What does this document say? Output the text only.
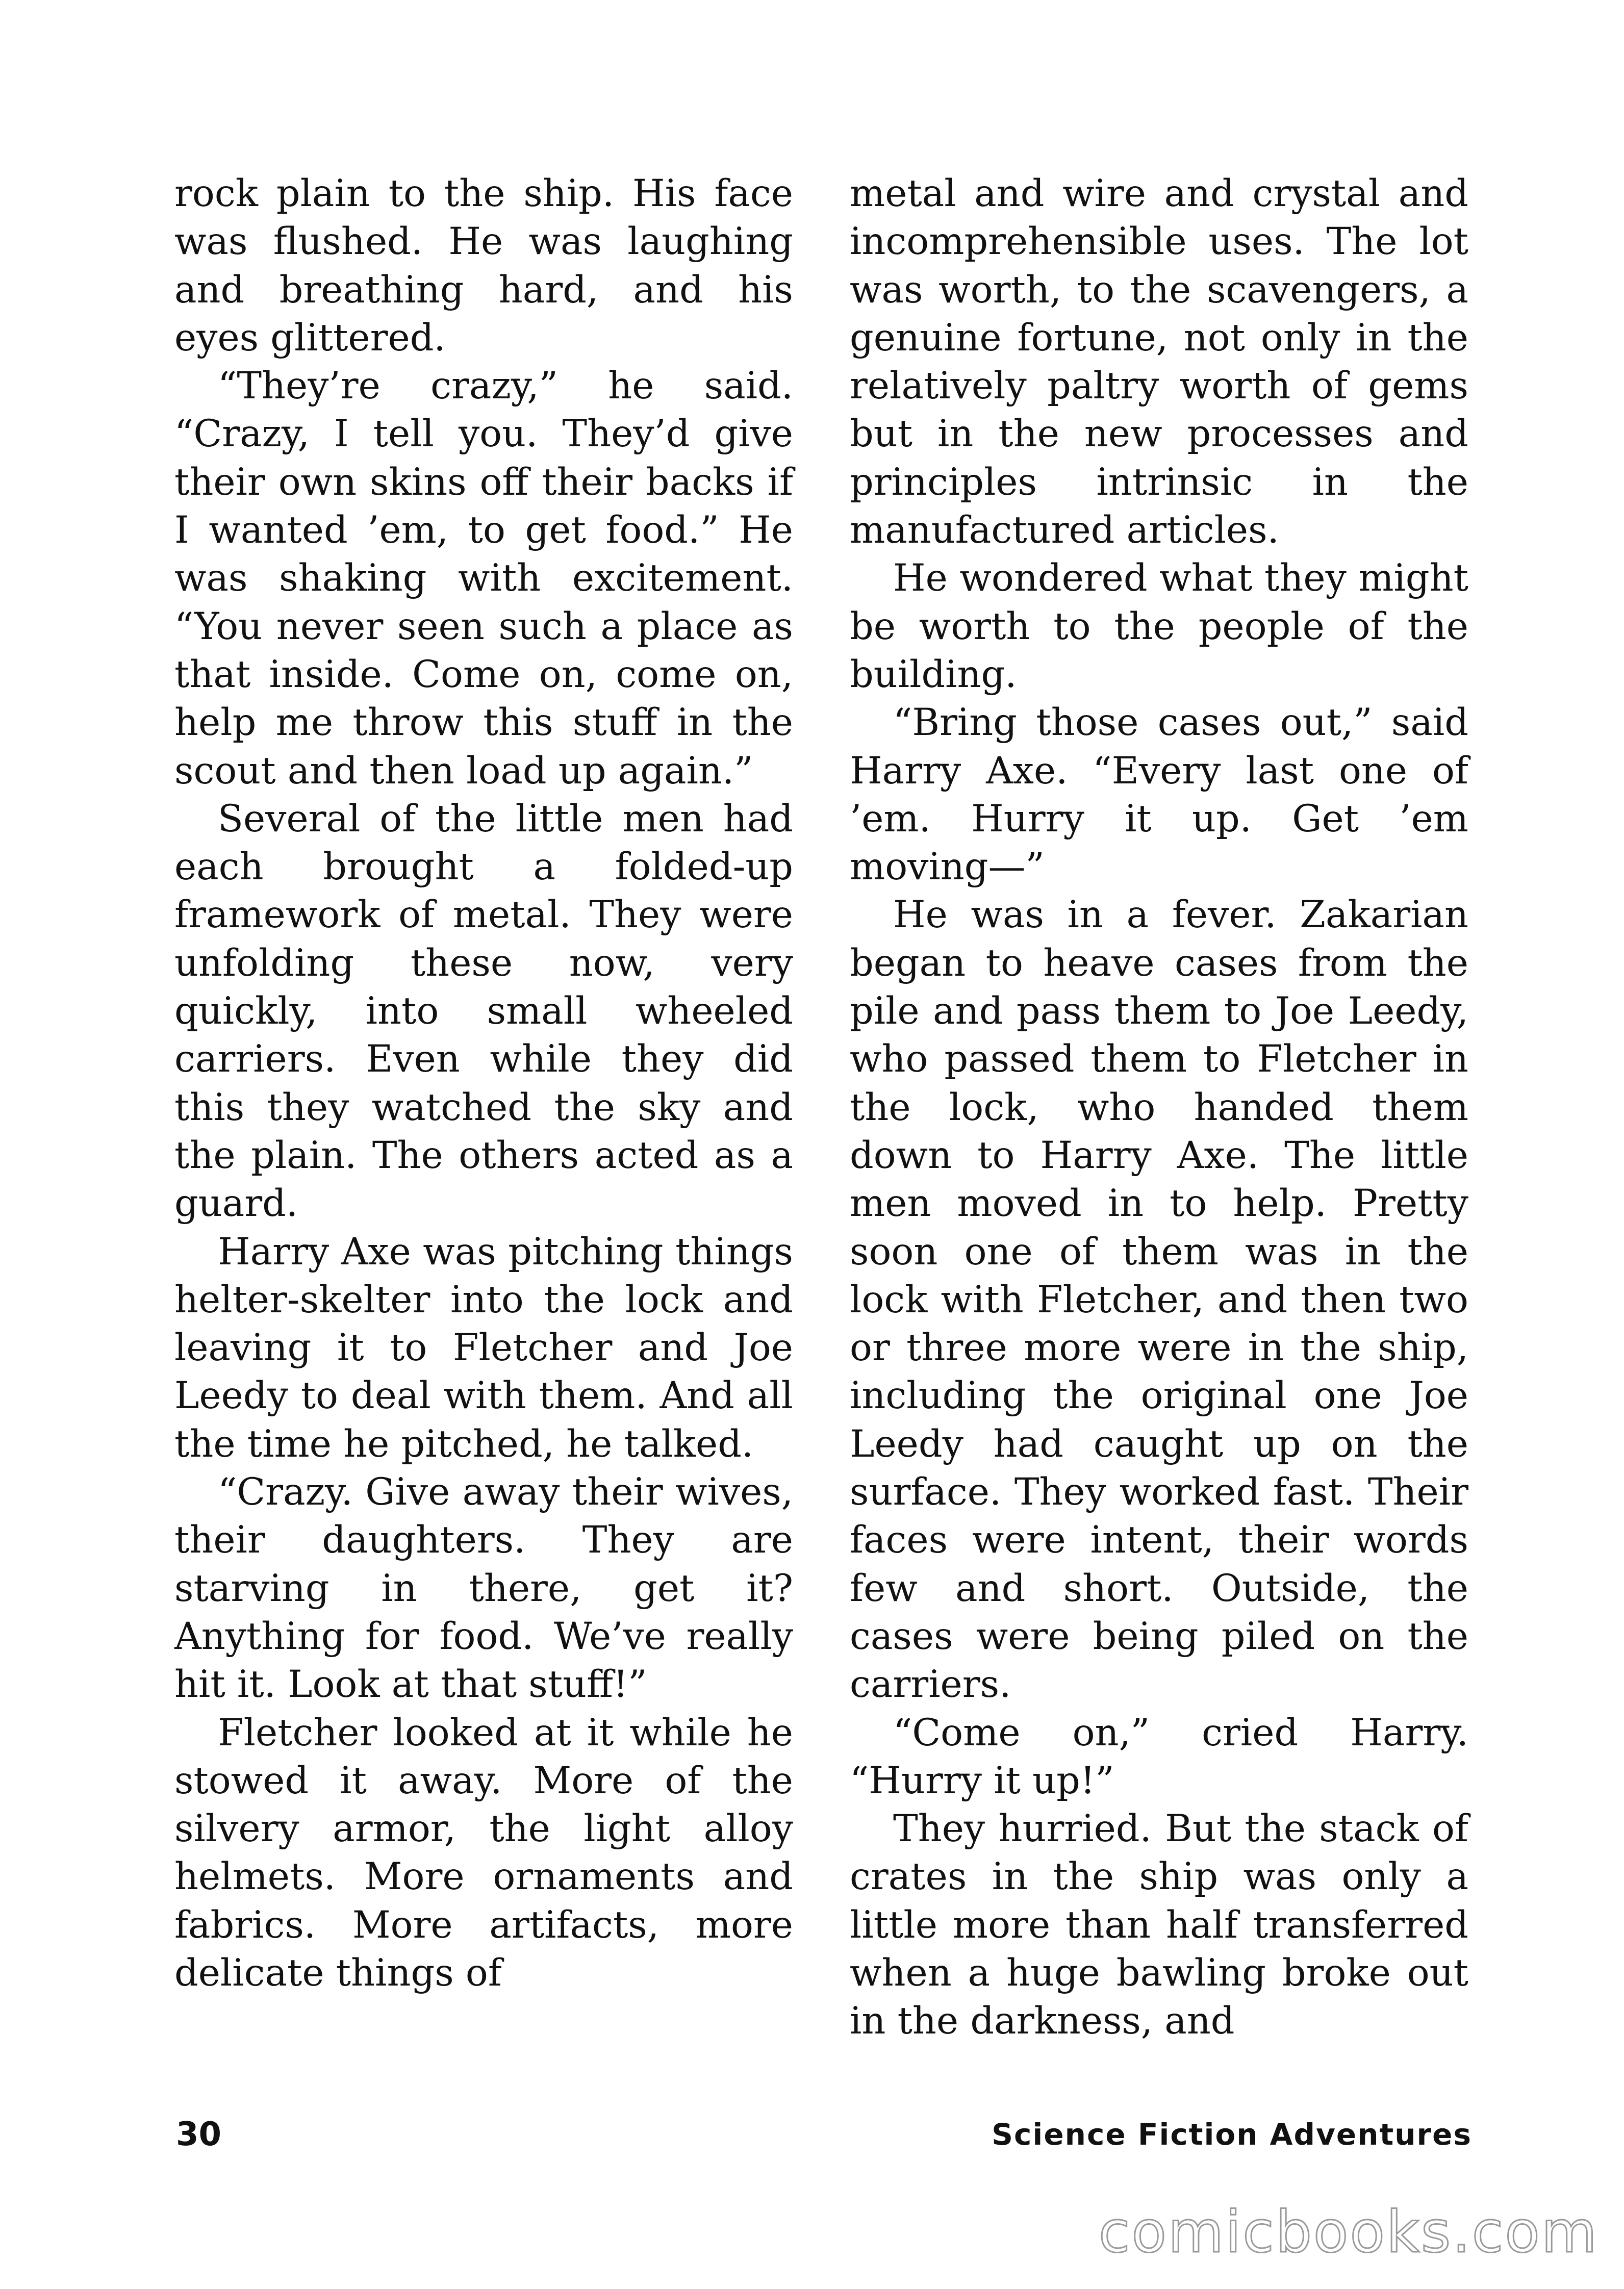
rock plain to the ship. His face was flushed. He was laughing and breathing hard, and his eyes glittered.

“They’re crazy,” he said. “Crazy, I tell you. They’d give their own skins off their backs if I wanted ’em, to get food.” He was shaking with excitement. “You never seen such a place as that inside. Come on, come on, help me throw this stuff in the scout and then load up again.”

Several of the little men had each brought a folded-up framework of metal. They were unfolding these now, very quickly, into small wheeled carriers. Even while they did this they watched the sky and the plain. The others acted as a guard.

Harry Axe was pitching things helter-skelter into the lock and leaving it to Fletcher and Joe Leedy to deal with them. And all the time he pitched, he talked.

“Crazy. Give away their wives, their daughters. They are starving in there, get it? Anything for food. We’ve really hit it. Look at that stuff!”

Fletcher looked at it while he stowed it away. More of the silvery armor, the light alloy helmets. More ornaments and fabrics. More artifacts, more delicate things of

metal and wire and crystal and incomprehensible uses. The lot was worth, to the scavengers, a genuine fortune, not only in the relatively paltry worth of gems but in the new processes and principles intrinsic in the manufactured articles.

He wondered what they might be worth to the people of the building.

“Bring those cases out,” said Harry Axe. “Every last one of ’em. Hurry it up. Get ’em moving—”

He was in a fever. Zakarian began to heave cases from the pile and pass them to Joe Leedy, who passed them to Fletcher in the lock, who handed them down to Harry Axe. The little men moved in to help. Pretty soon one of them was in the lock with Fletcher, and then two or three more were in the ship, including the original one Joe Leedy had caught up on the surface. They worked fast. Their faces were intent, their words few and short. Outside, the cases were being piled on the carriers.

“Come on,” cried Harry. “Hurry it up!”

They hurried. But the stack of crates in the ship was only a little more than half transferred when a huge bawling broke out in the darkness, and

30	Science Fiction Adventures
comicbooks.com
